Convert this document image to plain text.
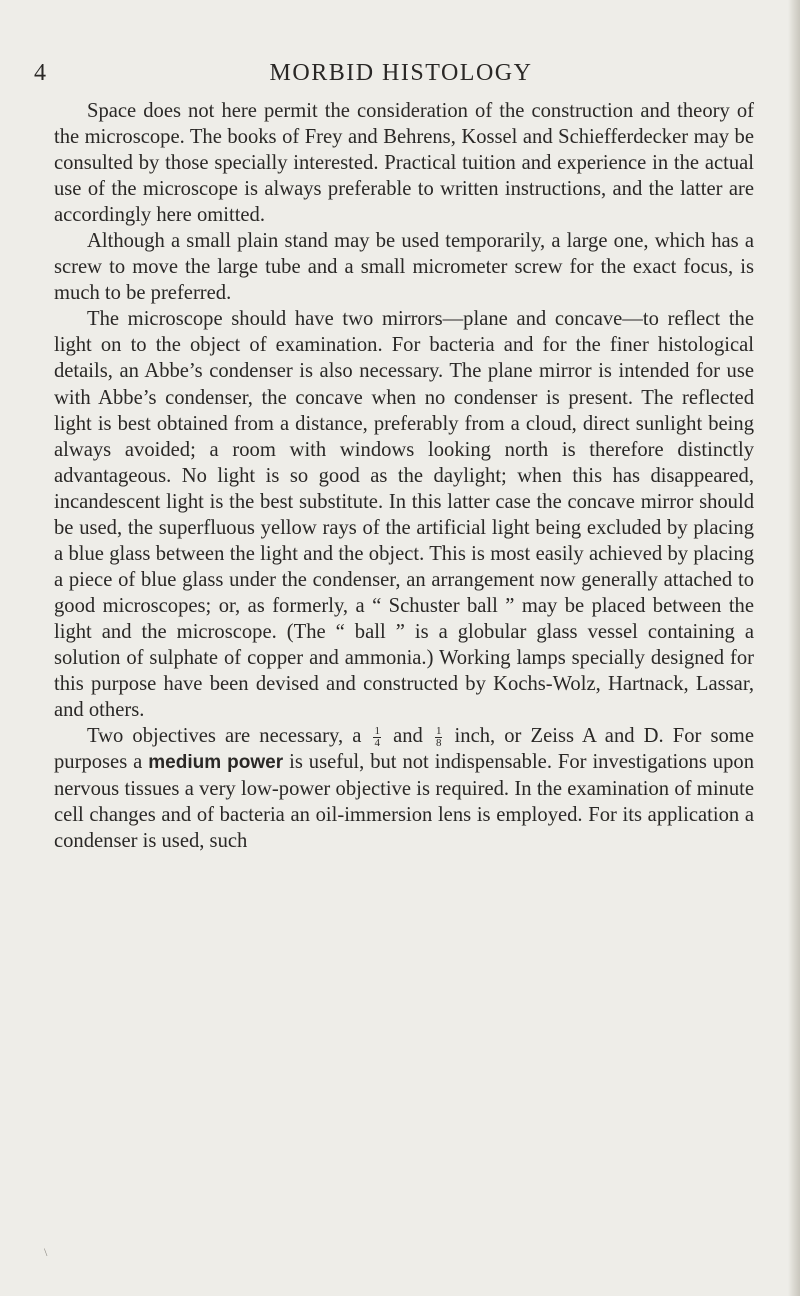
4	MORBID HISTOLOGY

Space does not here permit the consideration of the construction and theory of the microscope. The books of Frey and Behrens, Kossel and Schiefferdecker may be consulted by those specially interested. Practical tuition and experience in the actual use of the microscope is always preferable to written instructions, and the latter are accordingly here omitted.

Although a small plain stand may be used temporarily, a large one, which has a screw to move the large tube and a small micrometer screw for the exact focus, is much to be preferred.

The microscope should have two mirrors—plane and concave—to reflect the light on to the object of examination. For bacteria and for the finer histological details, an Abbe’s condenser is also necessary. The plane mirror is intended for use with Abbe’s condenser, the concave when no condenser is present. The reflected light is best obtained from a distance, preferably from a cloud, direct sunlight being always avoided; a room with windows looking north is therefore distinctly advantageous. No light is so good as the daylight; when this has disappeared, incandescent light is the best substitute. In this latter case the concave mirror should be used, the superfluous yellow rays of the artificial light being excluded by placing a blue glass between the light and the object. This is most easily achieved by placing a piece of blue glass under the condenser, an arrangement now generally attached to good microscopes; or, as formerly, a “ Schuster ball ” may be placed between the light and the microscope. (The “ ball ” is a globular glass vessel containing a solution of sulphate of copper and ammonia.) Working lamps specially designed for this purpose have been devised and constructed by Kochs-Wolz, Hartnack, Lassar, and others.

Two objectives are necessary, a $\frac{1}{4}$ and $\frac{1}{8}$ inch, or Zeiss A and D. For some purposes a medium power is useful, but not indispensable. For investigations upon nervous tissues a very low-power objective is required. In the examination of minute cell changes and of bacteria an oil-immersion lens is employed. For its application a condenser is used, such

\
